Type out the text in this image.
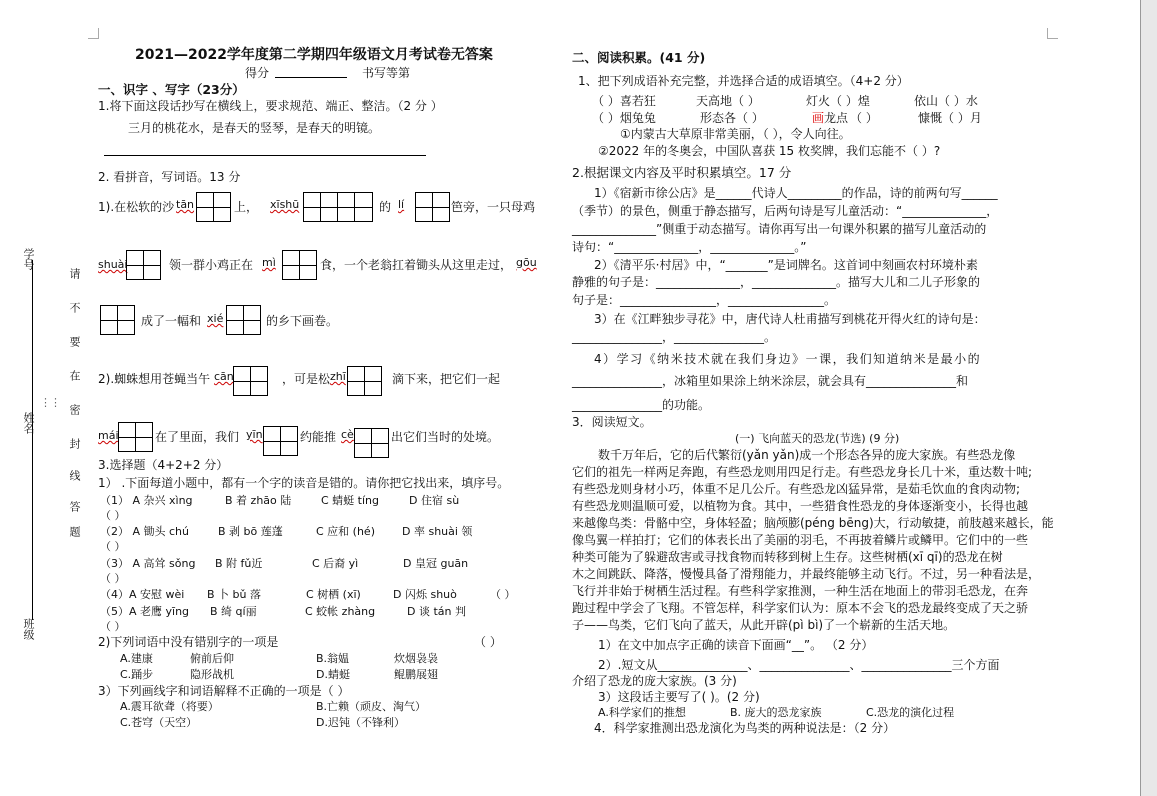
学号
姓名
班级
请
不
要
在
密
封
线
答
题
⋮⋮
2021—2022学年度第二学期四年级语文月考试卷无答案
得分	书写等第
一、识字 、写字（23分）
1.将下面这段话抄写在横线上，要求规范、端正、整洁。（2 分 ）
三月的桃花水，是春天的竖琴，是春天的明镜。
2. 看拼音，写词语。13 分
1).在松软的沙 tān	上， xīshū	的 lí	笆旁，一只母鸡
shuài	领一群小鸡正在 mì	食，一个老翁扛着锄头从这里走过， gōu
成了一幅和 xié	的乡下画卷。
2).蜘蛛想用苍蝇当午 cān	，可是松 zhī	滴下来，把它们一起
mái	在了里面，我们 yīn	约能推 cè	出它们当时的处境。
3.选择题（4+2+2 分）
1） .下面每道小题中，都有一个字的读音是错的。请你把它找出来，填序号。
（1） A 杂兴 xìng	B 着 zhāo 陆	C 蜻蜓 tíng	D 住宿 sù
（ ）
（2） A 锄头 chú	B 剥 bō 莲蓬	C 应和 (hé) D 率 shuài 领
（ ）
（3） A 高耸 sǒng B 附 fǔ近	C 后裔 yì	D 皇冠 guān
（ ）
（4）A 安慰 wèi B 卜 bǔ 落	C 树栖 (xī)	D 闪烁 shuò	（ ）
（5）A 老鹰 yīng B 绮 qí丽	C 蛟帐 zhàng	D 谈 tán 判
（ ）
2)下列词语中没有错别字的一项是	（ ）
A.建康	俯前后仰	B.翁媪	炊烟袅袅
C.踊步	隐形战机	D.蜻蜓	鲲鹏展翅
3）下列画线字和词语解释不正确的一项是（ ）
A.震耳欲聋（将要）	B.亡赖（顽皮、淘气）
C.苍穹（天空）	D.迟钝（不锋利）
二、阅读积累。(41 分)
1、把下列成语补充完整，并选择合适的成语填空。（4+2 分）
（ ）喜若狂	天高地（ ）	灯火（ ）煌	依山（ ）水
（ ）烟兔兔	形态各（ ）	画 龙点 （ ）	慷慨（ ）月
①内蒙古大草原非常美丽，（ ），令人向往。
②2022 年的冬奥会，中国队喜获 15 枚奖牌，我们忘能不（ ）?
2.根据课文内容及平时积累填空。17 分
1）《宿新市徐公店》是______代诗人_________的作品，诗的前两句写______
（季节）的景色，侧重于静态描写，后两句诗是写儿童活动：“______________，
______________”侧重于动态描写。请你再写出一句课外积累的描写儿童活动的
诗句：“______________，______________。”
2）《清平乐·村居》中，“_______”是词牌名。这首词中刻画农村环境朴素
静雅的句子是：______________，______________。描写大儿和二儿子形象的
句子是：________________，________________。
3）在《江畔独步寻花》中，唐代诗人杜甫描写到桃花开得火红的诗句是：
_______________，_______________。
4）学习《纳米技术就在我们身边》一课，我们知道纳米是最小的
_______________，冰箱里如果涂上纳米涂层，就会具有_______________和
_______________的功能。
3．阅读短文。
(一) 飞向蓝天的恐龙(节选) (9 分)
数千万年后，它的后代繁衍(yǎn yǎn)成一个形态各异的庞大家族。有些恐龙像
它们的祖先一样两足奔跑，有些恐龙则用四足行走。有些恐龙身长几十米，重达数十吨;
有些恐龙则身材小巧，体重不足几公斤。有些恐龙凶猛异常，是茹毛饮血的食肉动物;
有些恐龙则温顺可爱，以植物为食。其中，一些猎食性恐龙的身体逐渐变小，长得也越
来越像鸟类：骨骼中空，身体轻盈；脑颅膨(péng bēng)大，行动敏捷，前肢越来越长，能
像鸟翼一样拍打；它们的体表长出了美丽的羽毛，不再披着鳞片或鳞甲。它们中的一些
种类可能为了躲避敌害或寻找食物而转移到树上生存。这些树栖(xī qī)的恐龙在树
木之间跳跃、降落，慢慢具备了滑翔能力，并最终能够主动飞行。不过，另一种看法是，
飞行并非始于树栖生活过程。有些科学家推测，一种生活在地面上的带羽毛恐龙，在奔
跑过程中学会了飞翔。不管怎样，科学家们认为：原本不会飞的恐龙最终变成了天之骄
子——鸟类，它们飞向了蓝天，从此开辟(pì bì)了一个崭新的生活天地。
1）在文中加点字正确的读音下面画“__”。 （2 分）
2）.短文从_______________、_______________、_______________三个方面
介绍了恐龙的庞大家族。(3 分)
3）这段话主要写了( )。(2 分)
A.科学家们的推想	B. 庞大的恐龙家族	C.恐龙的演化过程
4．科学家推测出恐龙演化为鸟类的两种说法是：（2 分）
